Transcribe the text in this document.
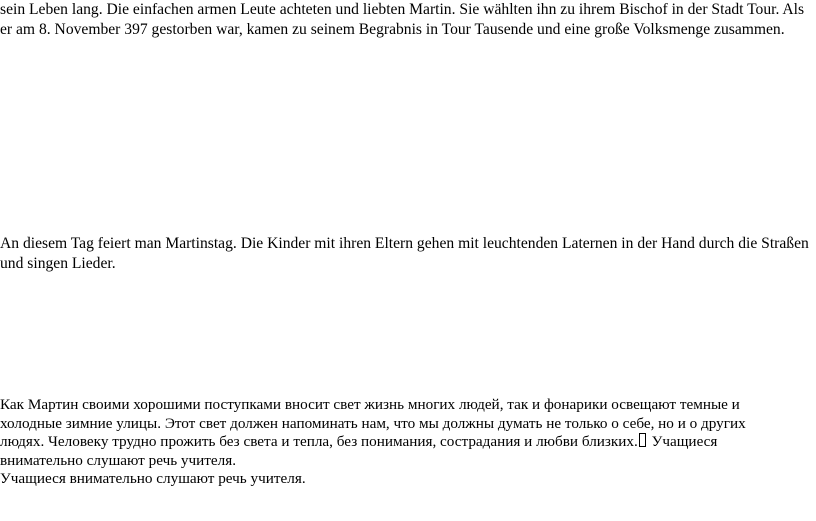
sein Leben lang. Die einfachen armen Leute achteten und liebten Martin. Sie wählten ihn zu ihrem Bischof in der Stadt Tour. Als
er am 8. November 397 gestorben war, kamen zu seinem Begrabnis in Tour Tausende und eine große Volksmenge zusammen.
An diesem Tag feiert man Martinstag. Die Kinder mit ihren Eltern gehen mit leuchtenden Laternen in der Hand durch die Straßen
und singen Lieder.
Как Мартин своими хорошими поступками вносит свет жизнь многих людей, так и фонарики освещают темные и
холодные зимние улицы. Этот свет должен напоминать нам, что мы должны думать не только о себе, но и о других
людях. Человеку трудно прожить без света и тепла, без понимания, сострадания и любви близких. Учащиеся
внимательно слушают речь учителя.
Учащиеся внимательно слушают речь учителя.
